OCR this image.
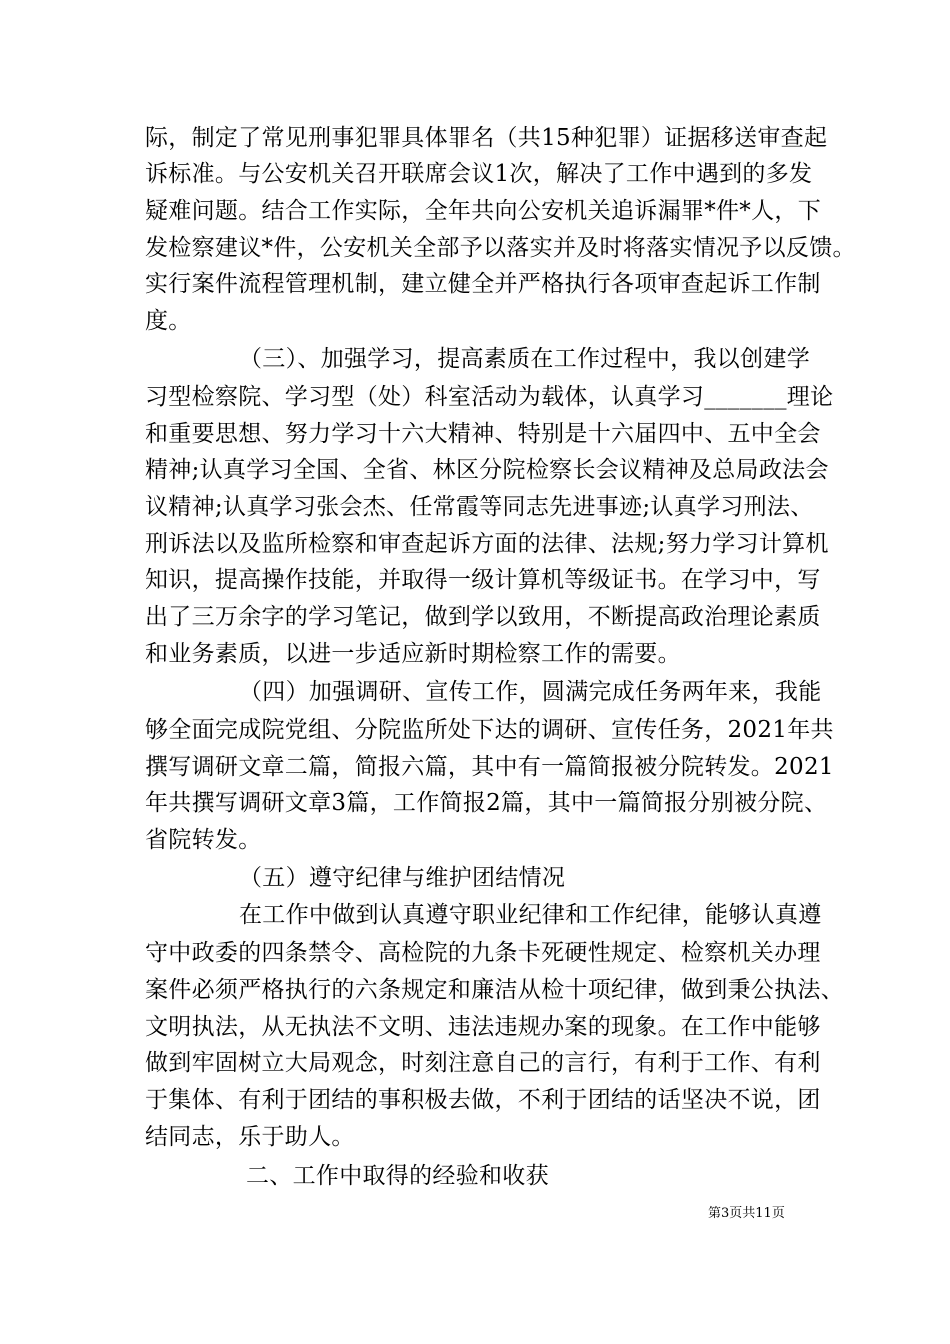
际，制定了常见刑事犯罪具体罪名（共15种犯罪）证据移送审查起
诉标准。与公安机关召开联席会议1次，解决了工作中遇到的多发
疑难问题。结合工作实际，全年共向公安机关追诉漏罪*件*人，下
发检察建议*件，公安机关全部予以落实并及时将落实情况予以反馈。
实行案件流程管理机制，建立健全并严格执行各项审查起诉工作制
度。
（三）、加强学习，提高素质在工作过程中，我以创建学
习型检察院、学习型（处）科室活动为载体，认真学习_______理论
和重要思想、努力学习十六大精神、特别是十六届四中、五中全会
精神;认真学习全国、全省、林区分院检察长会议精神及总局政法会
议精神;认真学习张会杰、任常霞等同志先进事迹;认真学习刑法、
刑诉法以及监所检察和审查起诉方面的法律、法规;努力学习计算机
知识，提高操作技能，并取得一级计算机等级证书。在学习中，写
出了三万余字的学习笔记，做到学以致用，不断提高政治理论素质
和业务素质，以进一步适应新时期检察工作的需要。
（四）加强调研、宣传工作，圆满完成任务两年来，我能
够全面完成院党组、分院监所处下达的调研、宣传任务，2021年共
撰写调研文章二篇，简报六篇，其中有一篇简报被分院转发。2021
年共撰写调研文章3篇，工作简报2篇，其中一篇简报分别被分院、
省院转发。
（五）遵守纪律与维护团结情况
在工作中做到认真遵守职业纪律和工作纪律，能够认真遵
守中政委的四条禁令、高检院的九条卡死硬性规定、检察机关办理
案件必须严格执行的六条规定和廉洁从检十项纪律，做到秉公执法、
文明执法，从无执法不文明、违法违规办案的现象。在工作中能够
做到牢固树立大局观念，时刻注意自己的言行，有利于工作、有利
于集体、有利于团结的事积极去做，不利于团结的话坚决不说，团
结同志，乐于助人。
二、工作中取得的经验和收获
第3页共11页
